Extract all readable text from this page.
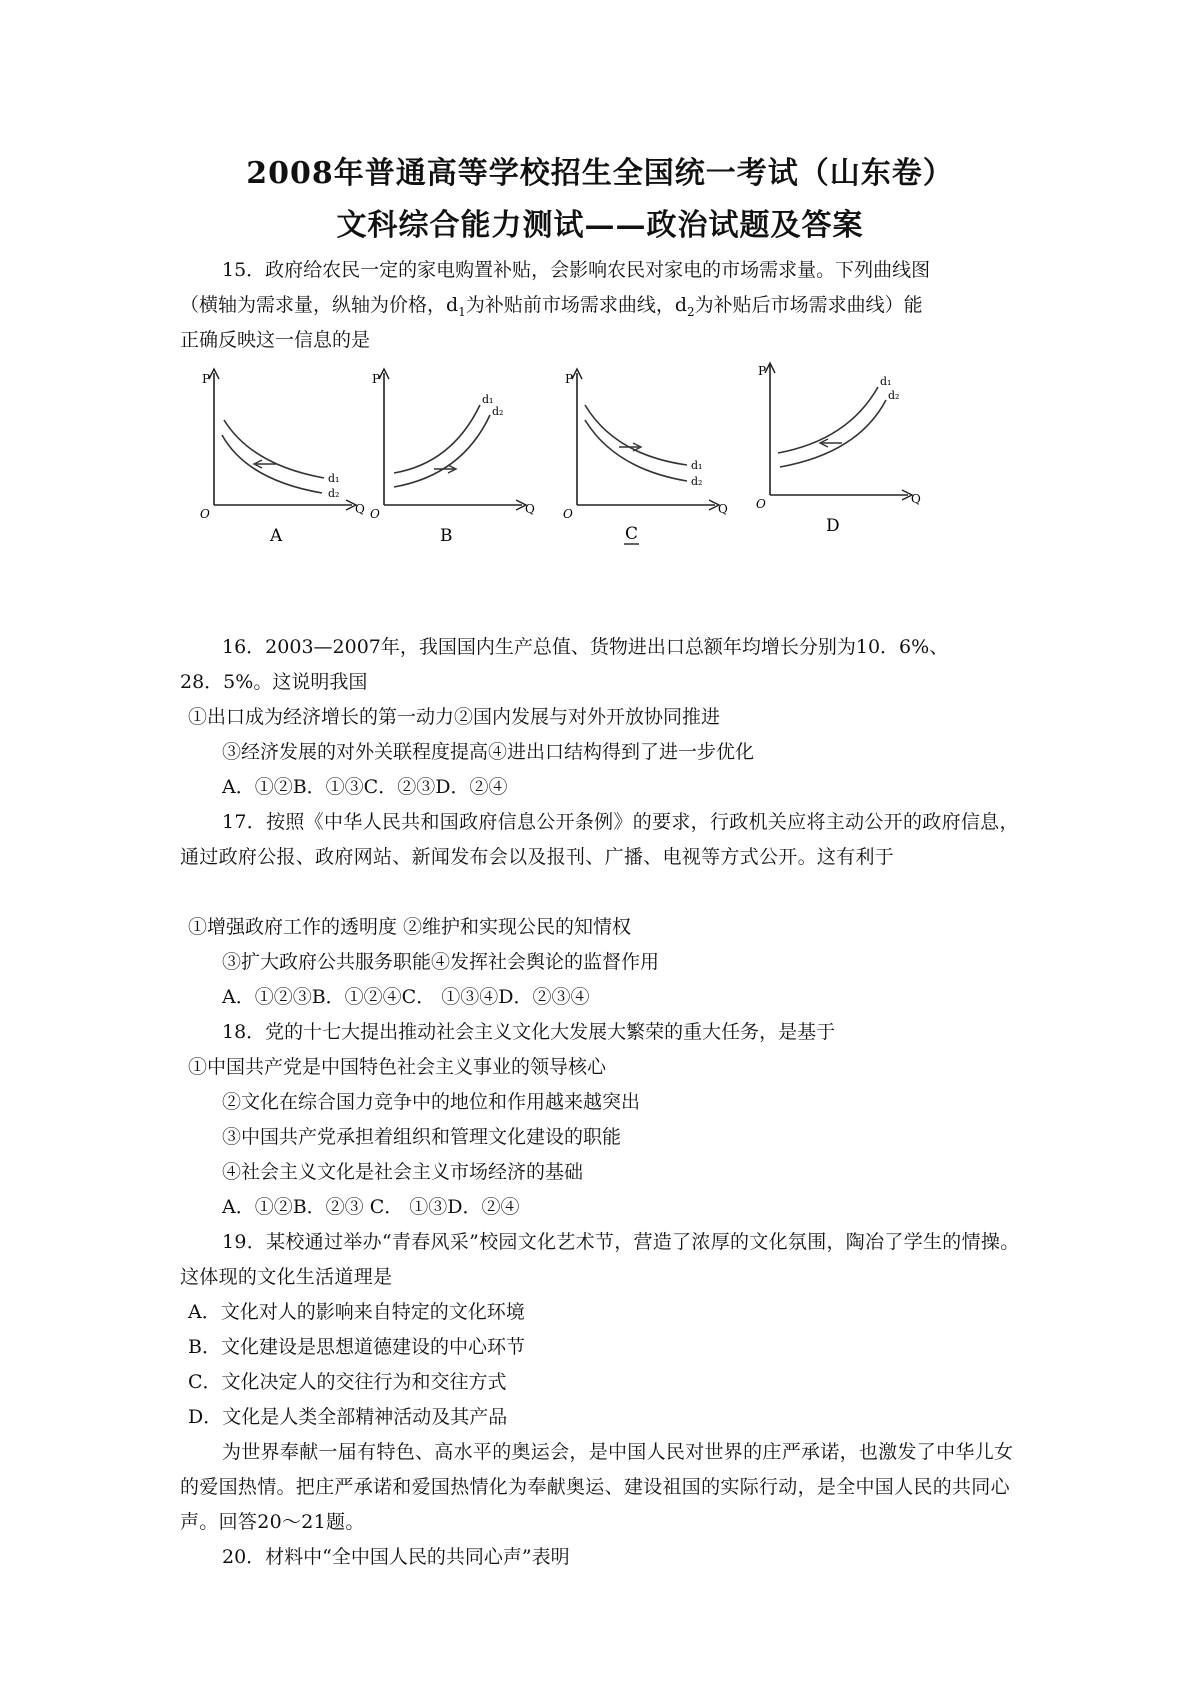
2008年普通高等学校招生全国统一考试（山东卷）
文科综合能力测试——政治试题及答案
15．政府给农民一定的家电购置补贴，会影响农民对家电的市场需求量。下列曲线图
（横轴为需求量，纵轴为价格，$d_1$为补贴前市场需求曲线，$d_2$为补贴后市场需求曲线）能
正确反映这一信息的是
P
O	Q
d₁
d₂
A
P
O	Q
d₁
d₂
B
P
O	Q
d₁
d₂
C
P
O	Q
d₁
d₂
D
16．2003—2007年，我国国内生产总值、货物进出口总额年均增长分别为10．6%、
28．5%。这说明我国
①出口成为经济增长的第一动力②国内发展与对外开放协同推进
③经济发展的对外关联程度提高④进出口结构得到了进一步优化
A．①②B．①③C．②③D．②④
17．按照《中华人民共和国政府信息公开条例》的要求，行政机关应将主动公开的政府信息，通过政府公报、政府网站、新闻发布会以及报刊、广播、电视等方式公开。这有利于
①增强政府工作的透明度 ②维护和实现公民的知情权
③扩大政府公共服务职能④发挥社会舆论的监督作用
A．①②③B．①②④C． ①③④D．②③④
18．党的十七大提出推动社会主义文化大发展大繁荣的重大任务，是基于
①中国共产党是中国特色社会主义事业的领导核心
②文化在综合国力竞争中的地位和作用越来越突出
③中国共产党承担着组织和管理文化建设的职能
④社会主义文化是社会主义市场经济的基础
A．①②B．②③ C． ①③D．②④
19．某校通过举办“青春风采”校园文化艺术节，营造了浓厚的文化氛围，陶冶了学生的情操。这体现的文化生活道理是
A．文化对人的影响来自特定的文化环境
B．文化建设是思想道德建设的中心环节
C．文化决定人的交往行为和交往方式
D．文化是人类全部精神活动及其产品
为世界奉献一届有特色、高水平的奥运会，是中国人民对世界的庄严承诺，也激发了中华儿女的爱国热情。把庄严承诺和爱国热情化为奉献奥运、建设祖国的实际行动，是全中国人民的共同心声。回答20～21题。
20．材料中“全中国人民的共同心声”表明
